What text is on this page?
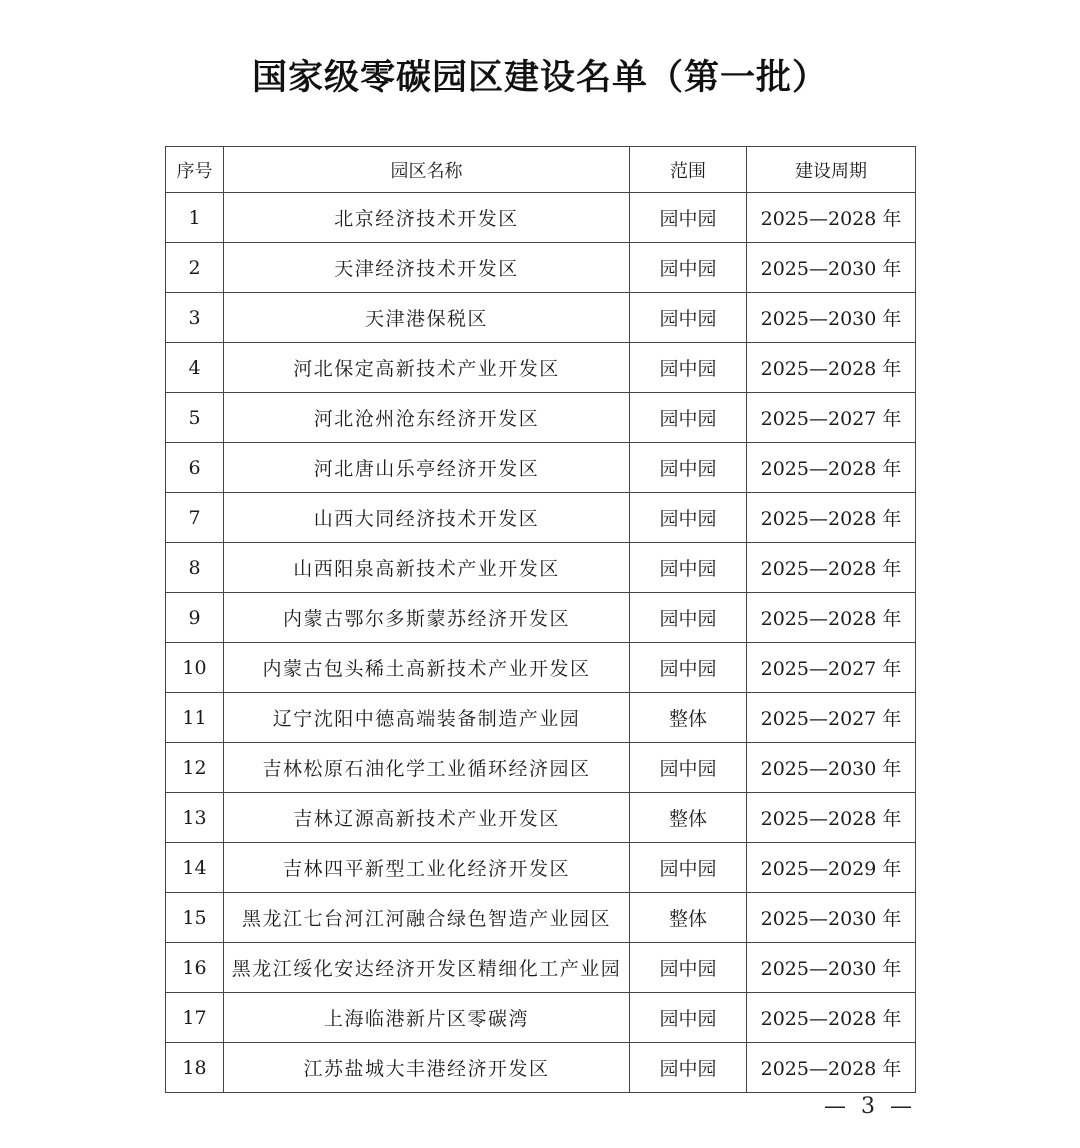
国家级零碳园区建设名单（第一批）
序号	园区名称	范围	建设周期
1	北京经济技术开发区	园中园	2025—2028 年
2	天津经济技术开发区	园中园	2025—2030 年
3	天津港保税区	园中园	2025—2030 年
4	河北保定高新技术产业开发区	园中园	2025—2028 年
5	河北沧州沧东经济开发区	园中园	2025—2027 年
6	河北唐山乐亭经济开发区	园中园	2025—2028 年
7	山西大同经济技术开发区	园中园	2025—2028 年
8	山西阳泉高新技术产业开发区	园中园	2025—2028 年
9	内蒙古鄂尔多斯蒙苏经济开发区	园中园	2025—2028 年
10	内蒙古包头稀土高新技术产业开发区	园中园	2025—2027 年
11	辽宁沈阳中德高端装备制造产业园	整体	2025—2027 年
12	吉林松原石油化学工业循环经济园区	园中园	2025—2030 年
13	吉林辽源高新技术产业开发区	整体	2025—2028 年
14	吉林四平新型工业化经济开发区	园中园	2025—2029 年
15	黑龙江七台河江河融合绿色智造产业园区	整体	2025—2030 年
16	黑龙江绥化安达经济开发区精细化工产业园	园中园	2025—2030 年
17	上海临港新片区零碳湾	园中园	2025—2028 年
18	江苏盐城大丰港经济开发区	园中园	2025—2028 年
— 3 —
